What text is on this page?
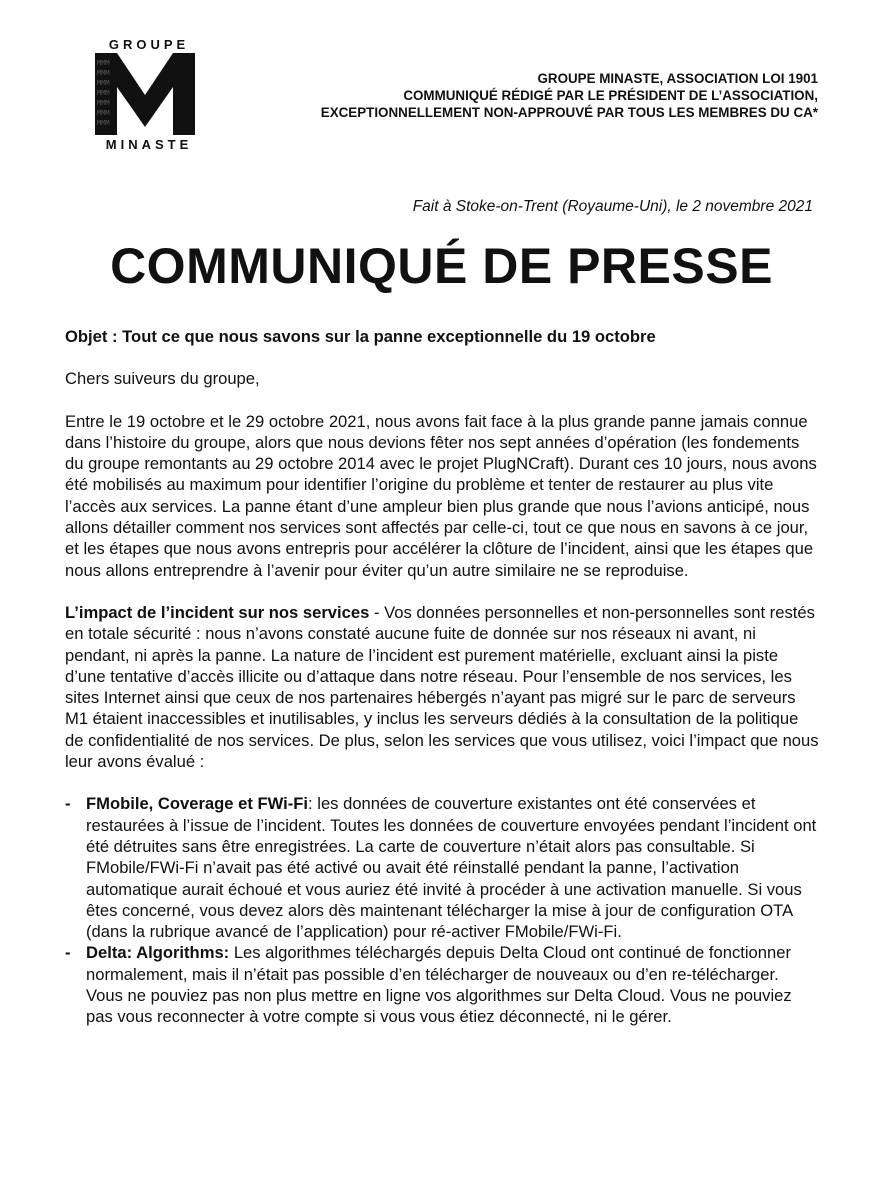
GROUPE
MMM
MMM
MMM
MMM
MMM
MMM
MMM
MINASTE
GROUPE MINASTE, ASSOCIATION LOI 1901
COMMUNIQUÉ RÉDIGÉ PAR LE PRÉSIDENT DE L’ASSOCIATION,
EXCEPTIONNELLEMENT NON-APPROUVÉ PAR TOUS LES MEMBRES DU CA*
Fait à Stoke-on-Trent (Royaume-Uni), le 2 novembre 2021
COMMUNIQUÉ DE PRESSE

Objet : Tout ce que nous savons sur la panne exceptionnelle du 19 octobre

Chers suiveurs du groupe,

Entre le 19 octobre et le 29 octobre 2021, nous avons fait face à la plus grande panne jamais connue dans l’histoire du groupe, alors que nous devions fêter nos sept années d’opération (les fondements du groupe remontants au 29 octobre 2014 avec le projet PlugNCraft). Durant ces 10 jours, nous avons été mobilisés au maximum pour identifier l’origine du problème et tenter de restaurer au plus vite l’accès aux services. La panne étant d’une ampleur bien plus grande que nous l’avions anticipé, nous allons détailler comment nos services sont affectés par celle-ci, tout ce que nous en savons à ce jour, et les étapes que nous avons entrepris pour accélérer la clôture de l’incident, ainsi que les étapes que nous allons entreprendre à l’avenir pour éviter qu’un autre similaire ne se reproduise.

L’impact de l’incident sur nos services - Vos données personnelles et non-personnelles sont restés en totale sécurité : nous n’avons constaté aucune fuite de donnée sur nos réseaux ni avant, ni pendant, ni après la panne. La nature de l’incident est purement matérielle, excluant ainsi la piste d’une tentative d’accès illicite ou d’attaque dans notre réseau. Pour l’ensemble de nos services, les sites Internet ainsi que ceux de nos partenaires hébergés n’ayant pas migré sur le parc de serveurs M1 étaient inaccessibles et inutilisables, y inclus les serveurs dédiés à la consultation de la politique de confidentialité de nos services. De plus, selon les services que vous utilisez, voici l’impact que nous leur avons évalué :

- FMobile, Coverage et FWi-Fi: les données de couverture existantes ont été conservées et restaurées à l’issue de l’incident. Toutes les données de couverture envoyées pendant l’incident ont été détruites sans être enregistrées. La carte de couverture n’était alors pas consultable. Si FMobile/FWi-Fi n’avait pas été activé ou avait été réinstallé pendant la panne, l’activation automatique aurait échoué et vous auriez été invité à procéder à une activation manuelle. Si vous êtes concerné, vous devez alors dès maintenant télécharger la mise à jour de configuration OTA (dans la rubrique avancé de l’application) pour ré-activer FMobile/FWi-Fi.
- Delta: Algorithms: Les algorithmes téléchargés depuis Delta Cloud ont continué de fonctionner normalement, mais il n’était pas possible d’en télécharger de nouveaux ou d’en re-télécharger. Vous ne pouviez pas non plus mettre en ligne vos algorithmes sur Delta Cloud. Vous ne pouviez pas vous reconnecter à votre compte si vous vous étiez déconnecté, ni le gérer.
